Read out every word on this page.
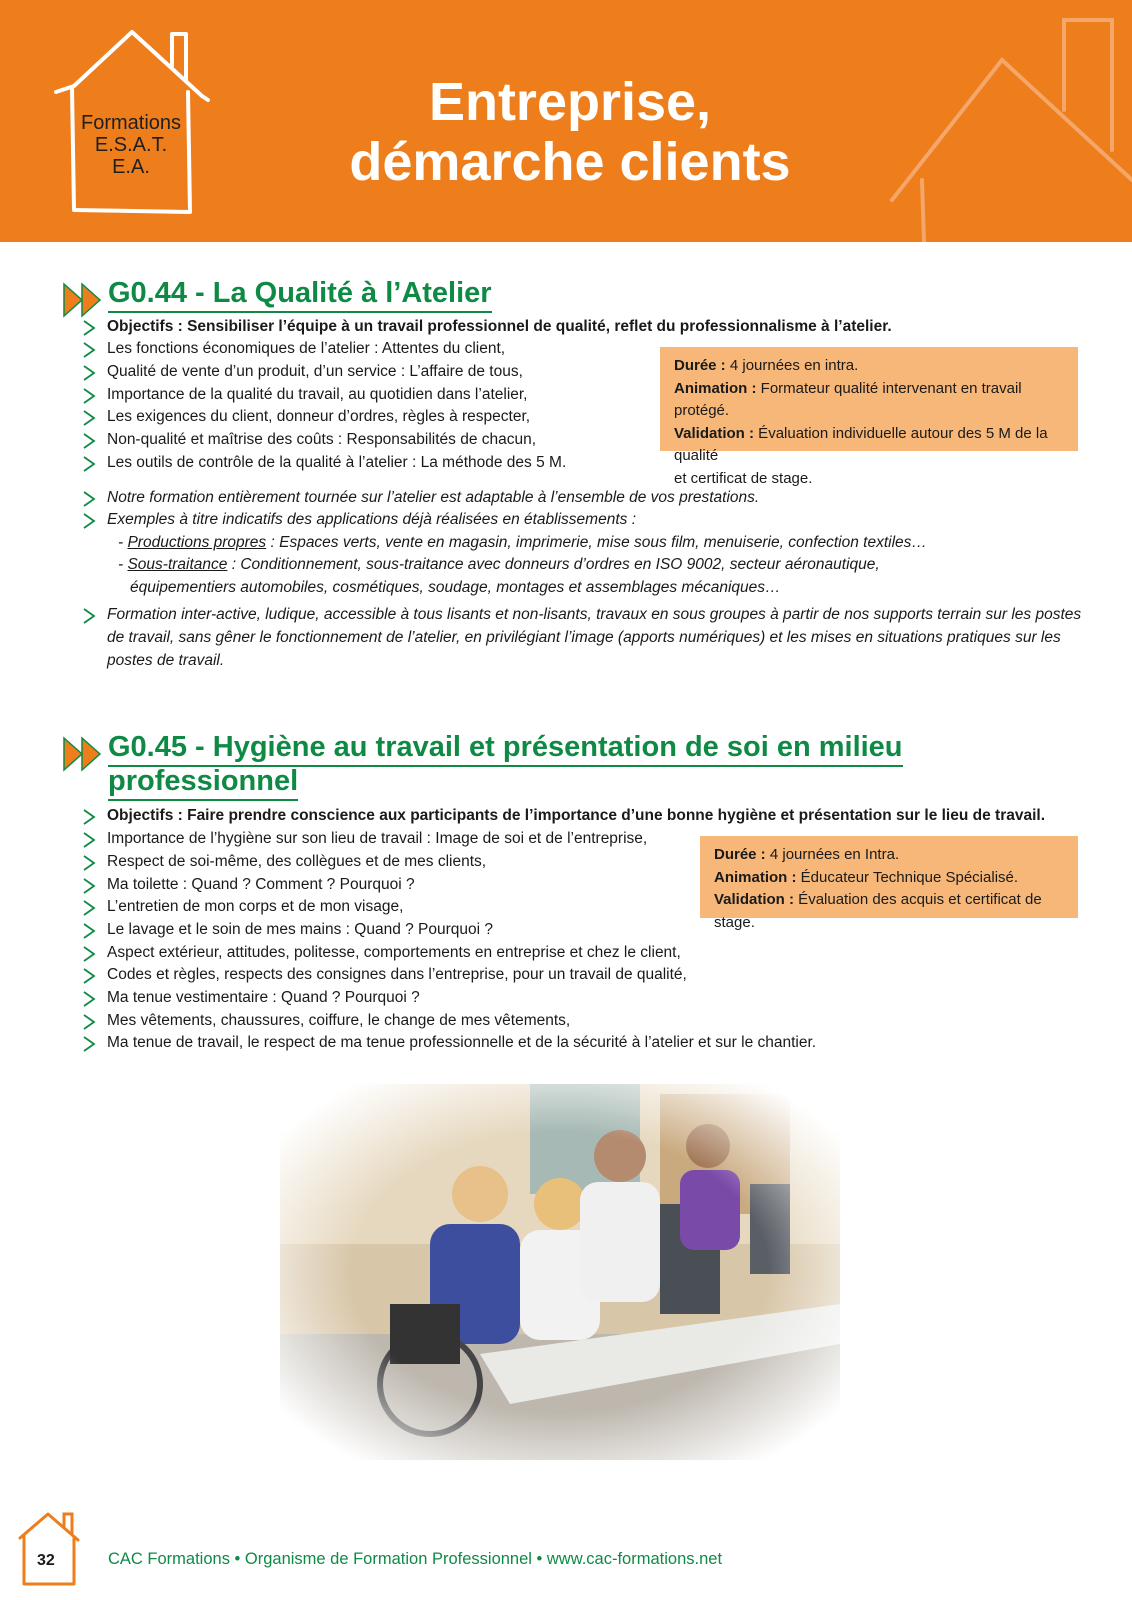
Formations
E.S.A.T.
E.A.
Entreprise,
démarche clients
G0.44 - La Qualité à l’Atelier
Objectifs : Sensibiliser l’équipe à un travail professionnel de qualité, reflet du professionnalisme à l’atelier.
Les fonctions économiques de l’atelier : Attentes du client,
Qualité de vente d’un produit, d’un service : L’affaire de tous,
Importance de la qualité du travail, au quotidien dans l’atelier,
Les exigences du client, donneur d’ordres, règles à respecter,
Non-qualité et maîtrise des coûts : Responsabilités de chacun,
Les outils de contrôle de la qualité à l’atelier : La méthode des 5 M.
Durée : 4 journées en intra.
Animation : Formateur qualité intervenant en travail protégé.
Validation : Évaluation individuelle autour des 5 M de la qualité
et certificat de stage.
Notre formation entièrement tournée sur l’atelier est adaptable à l’ensemble de vos prestations.
Exemples à titre indicatifs des applications déjà réalisées en établissements :
- Productions propres : Espaces verts, vente en magasin, imprimerie, mise sous film, menuiserie, confection textiles…
- Sous-traitance : Conditionnement, sous-traitance avec donneurs d’ordres en ISO 9002, secteur aéronautique,
équipementiers automobiles, cosmétiques, soudage, montages et assemblages mécaniques…
Formation inter-active, ludique, accessible à tous lisants et non-lisants, travaux en sous groupes à partir de nos supports terrain sur les postes
de travail, sans gêner le fonctionnement de l’atelier, en privilégiant l’image (apports numériques) et les mises en situations pratiques sur les
postes de travail.
G0.45 - Hygiène au travail et présentation de soi en milieu
professionnel
Objectifs : Faire prendre conscience aux participants de l’importance d’une bonne hygiène et présentation sur le lieu de travail.
Importance de l’hygiène sur son lieu de travail : Image de soi et de l’entreprise,
Respect de soi-même, des collègues et de mes clients,
Ma toilette : Quand ? Comment ? Pourquoi ?
L’entretien de mon corps et de mon visage,
Le lavage et le soin de mes mains : Quand ? Pourquoi ?
Aspect extérieur, attitudes, politesse, comportements en entreprise et chez le client,
Codes et règles, respects des consignes dans l’entreprise, pour un travail de qualité,
Ma tenue vestimentaire : Quand ? Pourquoi ?
Mes vêtements, chaussures, coiffure, le change de mes vêtements,
Ma tenue de travail, le respect de ma tenue professionnelle et de la sécurité à l’atelier et sur le chantier.
Durée : 4 journées en Intra.
Animation : Éducateur Technique Spécialisé.
Validation : Évaluation des acquis et certificat de stage.
32	CAC Formations • Organisme de Formation Professionnel • www.cac-formations.net
